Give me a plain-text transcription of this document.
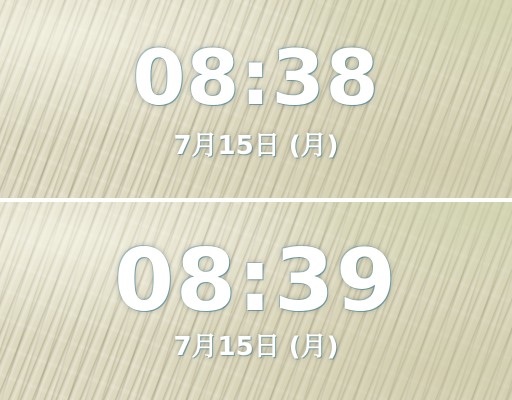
08:38
7月15日 (月)
08:39
7月15日 (月)
